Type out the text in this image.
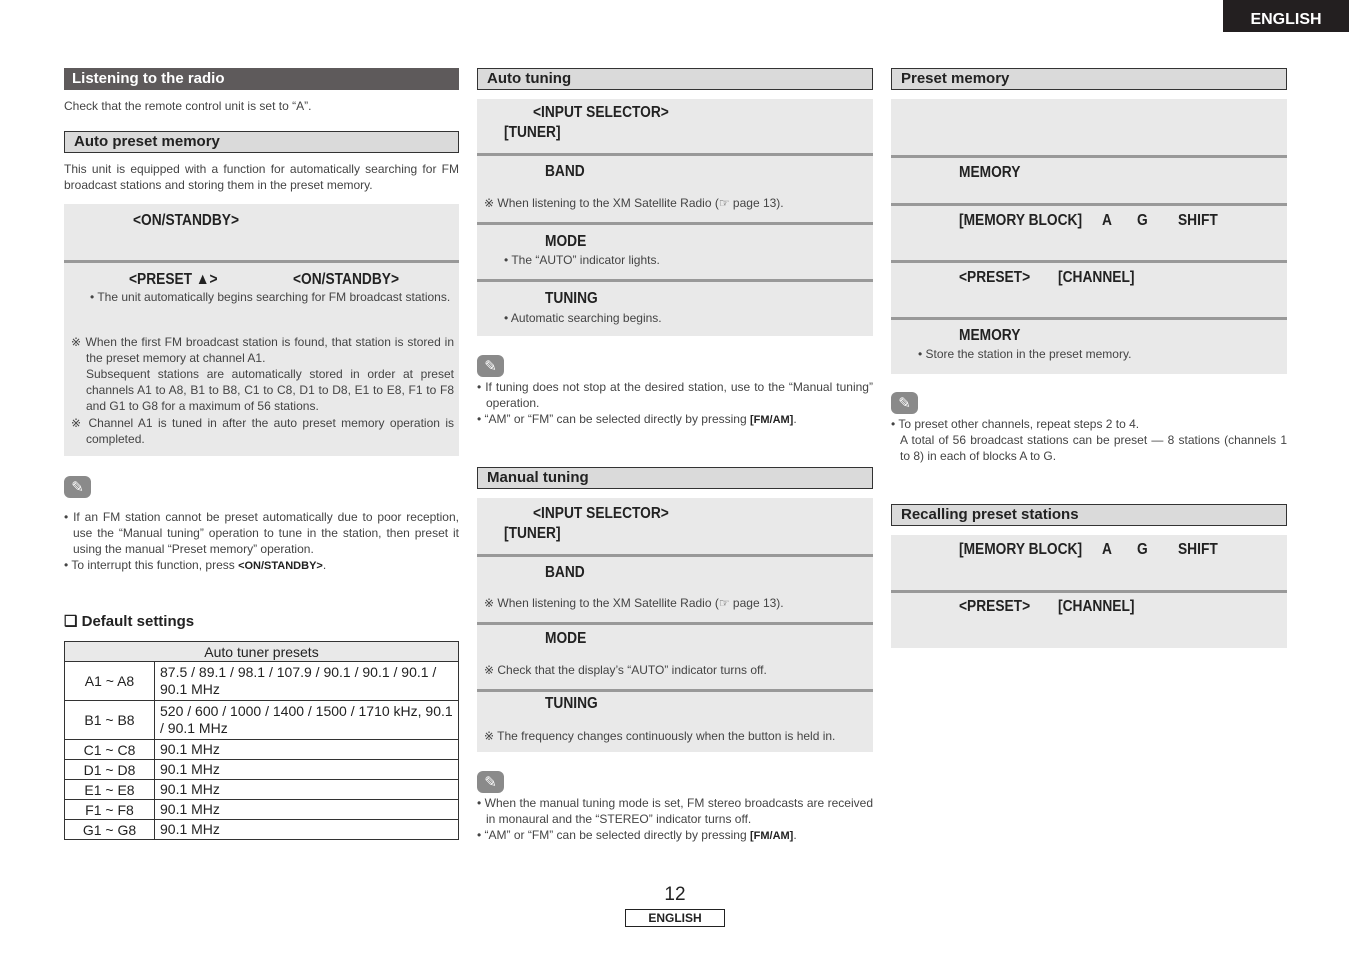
ENGLISH
Listening to the radio
Check that the remote control unit is set to “A”.
Auto preset memory
This unit is equipped with a function for automatically searching for FM broadcast stations and storing them in the preset memory.
<ON/STANDBY>
<PRESET ▲>	<ON/STANDBY>
• The unit automatically begins searching for FM broadcast stations.
※ When the first FM broadcast station is found, that station is stored in the preset memory at channel A1.
Subsequent stations are automatically stored in order at preset channels A1 to A8, B1 to B8, C1 to C8, D1 to D8, E1 to E8, F1 to F8 and G1 to G8 for a maximum of 56 stations.
※ Channel A1 is tuned in after the auto preset memory operation is completed.
✎
• If an FM station cannot be preset automatically due to poor reception, use the “Manual tuning” operation to tune in the station, then preset it using the manual “Preset memory” operation.
• To interrupt this function, press <ON/STANDBY>.
❑ Default settings
Auto tuner presets	
A1 ~ A8	87.5 / 89.1 / 98.1 / 107.9 / 90.1 / 90.1 / 90.1 / 90.1 MHz
B1 ~ B8	520 / 600 / 1000 / 1400 / 1500 / 1710 kHz, 90.1 / 90.1 MHz
C1 ~ C8	90.1 MHz
D1 ~ D8	90.1 MHz
E1 ~ E8	90.1 MHz
F1 ~ F8	90.1 MHz
G1 ~ G8	90.1 MHz
Auto tuning
<INPUT SELECTOR>
[TUNER]
BAND
※ When listening to the XM Satellite Radio (☞ page 13).
MODE
• The “AUTO” indicator lights.
TUNING
• Automatic searching begins.
✎
• If tuning does not stop at the desired station, use to the “Manual tuning” operation.
• “AM” or “FM” can be selected directly by pressing [FM/AM].
Manual tuning
<INPUT SELECTOR>
[TUNER]
BAND
※ When listening to the XM Satellite Radio (☞ page 13).
MODE
※ Check that the display’s “AUTO” indicator turns off.
TUNING
※ The frequency changes continuously when the button is held in.
✎
• When the manual tuning mode is set, FM stereo broadcasts are received in monaural and the “STEREO” indicator turns off.
• “AM” or “FM” can be selected directly by pressing [FM/AM].
Preset memory
MEMORY
[MEMORY BLOCK] A G SHIFT
<PRESET> [CHANNEL]
MEMORY
• Store the station in the preset memory.
✎
• To preset other channels, repeat steps 2 to 4.
A total of 56 broadcast stations can be preset — 8 stations (channels 1 to 8) in each of blocks A to G.
Recalling preset stations
[MEMORY BLOCK] A G SHIFT
<PRESET> [CHANNEL]
12
ENGLISH
